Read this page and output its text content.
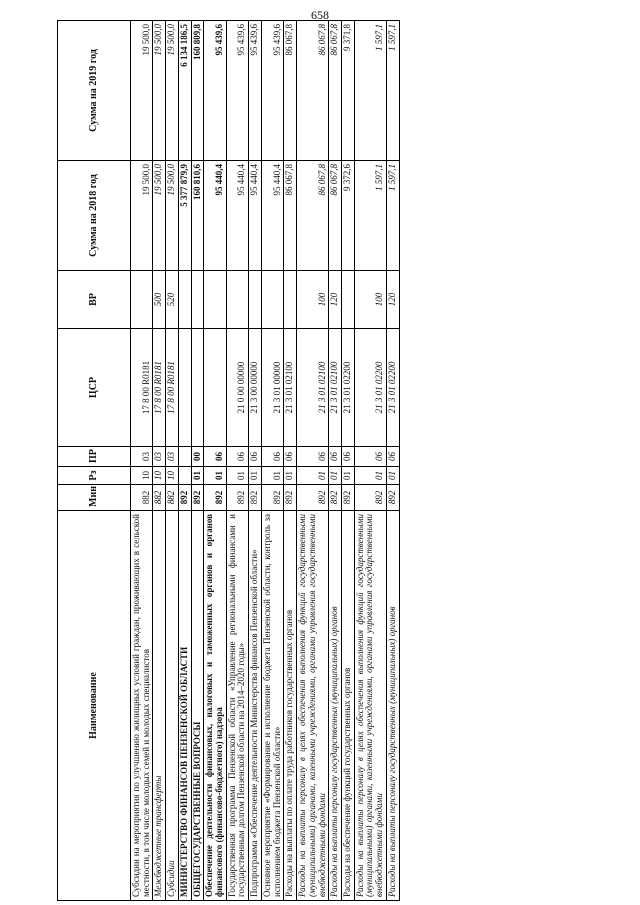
658
Наименование	Мин	Рз	ПР	ЦСР	ВР	Сумма на 2018 год	Сумма на 2019 год
Субсидии на мероприятия по улучшению жилищных условий граждан, проживающих в сельской местности, в том числе молодых семей и молодых специалистов	882	10	03	17 8 00 R0181		19 500,0	19 500,0
Межбюджетные трансферты	882	10	03	17 8 00 R0181	500	19 500,0	19 500,0
Субсидии	882	10	03	17 8 00 R0181	520	19 500,0	19 500,0
МИНИСТЕРСТВО ФИНАНСОВ ПЕНЗЕНСКОЙ ОБЛАСТИ	892					5 377 879,9	6 134 186,5
ОБЩЕГОСУДАРСТВЕННЫЕ ВОПРОСЫ	892	01	00			160 810,6	160 809,8
Обеспечение деятельности финансовых, налоговых и таможенных органов и органов финансового (финансово-бюджетного) надзора	892	01	06			95 440,4	95 439,6
Государственная программа Пензенской области «Управление региональными финансами и государственным долгом Пензенской области на 2014–2020 годы»	892	01	06	21 0 00 00000		95 440,4	95 439,6
Подпрограмма «Обеспечение деятельности Министерства финансов Пензенской области»	892	01	06	21 3 00 00000		95 440,4	95 439,6
Основное мероприятие «Формирование и исполнение бюджета Пензенской области, контроль за исполнением бюджета Пензенской области»	892	01	06	21 3 01 00000		95 440,4	95 439,6
Расходы на выплаты по оплате труда работников государственных органов	892	01	06	21 3 01 02100		86 067,8	86 067,8
Расходы на выплаты персоналу в целях обеспечения выполнения функций государственными (муниципальными) органами, казенными учреждениями, органами управления государственными внебюджетными фондами	892	01	06	21 3 01 02100	100	86 067,8	86 067,8
Расходы на выплаты персоналу государственных (муниципальных) органов	892	01	06	21 3 01 02100	120	86 067,8	86 067,8
Расходы на обеспечение функций государственных органов	892	01	06	21 3 01 02200		9 372,6	9 371,8
Расходы на выплаты персоналу в целях обеспечения выполнения функций государственными (муниципальными) органами, казенными учреждениями, органами управления государственными внебюджетными фондами	892	01	06	21 3 01 02200	100	1 597,1	1 597,1
Расходы на выплаты персоналу государственных (муниципальных) органов	892	01	06	21 3 01 02200	120	1 597,1	1 597,1
